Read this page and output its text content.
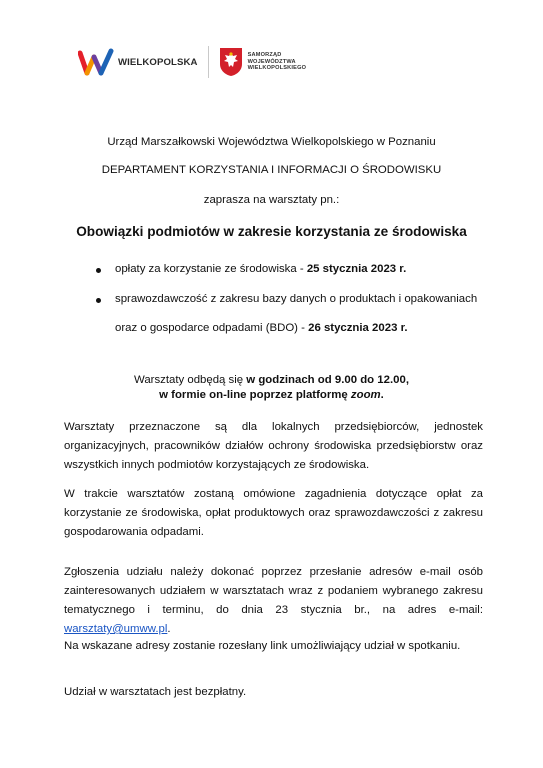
WIELKOPOLSKA
SAMORZĄD
WOJEWÓDZTWA
WIELKOPOLSKIEGO
Urząd Marszałkowski Województwa Wielkopolskiego w Poznaniu
DEPARTAMENT KORZYSTANIA I INFORMACJI O ŚRODOWISKU
zaprasza na warsztaty pn.:
Obowiązki podmiotów w zakresie korzystania ze środowiska
opłaty za korzystanie ze środowiska - 25 stycznia 2023 r.
sprawozdawczość z zakresu bazy danych o produktach i opakowaniach
oraz o gospodarce odpadami (BDO) - 26 stycznia 2023 r.
Warsztaty odbędą się w godzinach od 9.00 do 12.00,
w formie on-line poprzez platformę zoom.

Warsztaty przeznaczone są dla lokalnych przedsiębiorców, jednostek organizacyjnych, pracowników działów ochrony środowiska przedsiębiorstw oraz wszystkich innych podmiotów korzystających ze środowiska.

W trakcie warsztatów zostaną omówione zagadnienia dotyczące opłat za korzystanie ze środowiska, opłat produktowych oraz sprawozdawczości z zakresu gospodarowania odpadami.

Zgłoszenia udziału należy dokonać poprzez przesłanie adresów e-mail osób zainteresowanych udziałem w warsztatach wraz z podaniem wybranego zakresu tematycznego i terminu, do dnia 23 stycznia br., na adres e-mail: warsztaty@umww.pl.

Na wskazane adresy zostanie rozesłany link umożliwiający udział w spotkaniu.

Udział w warsztatach jest bezpłatny.
